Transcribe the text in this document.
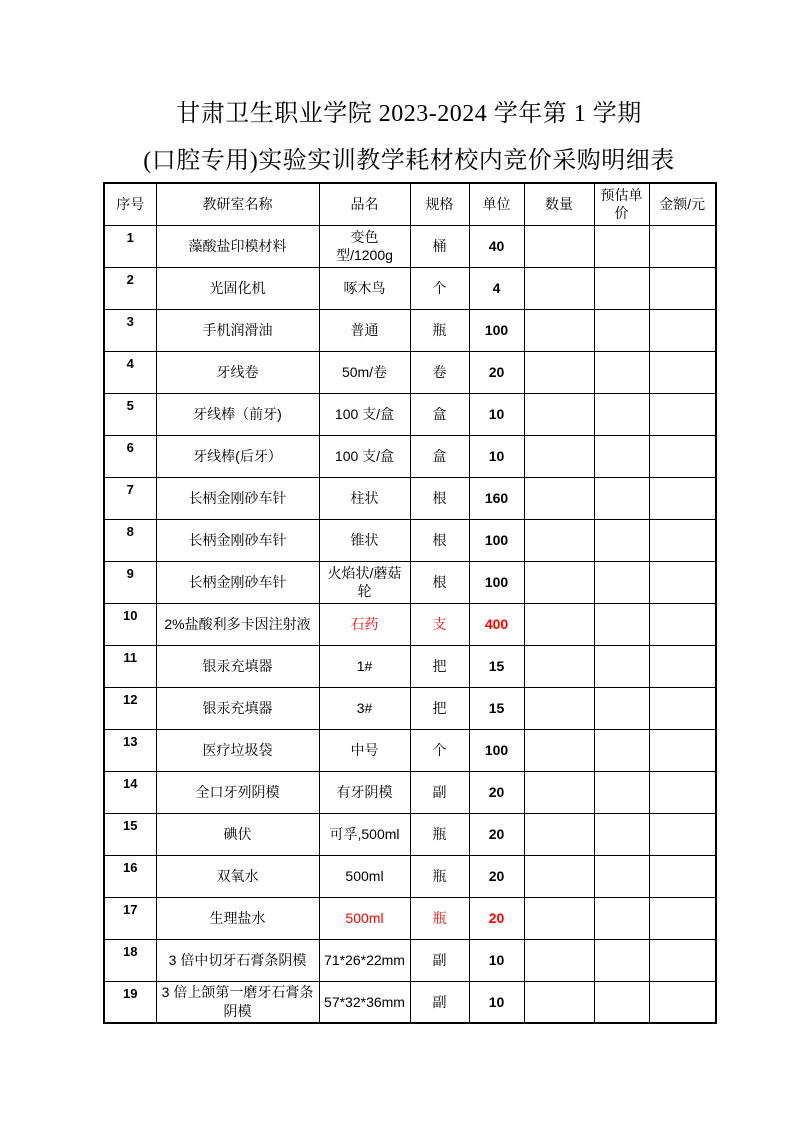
甘肃卫生职业学院 2023-2024 学年第 1 学期
(口腔专用)实验实训教学耗材校内竞价采购明细表
序号	教研室名称	品名	规格	单位	数量	预估单价	金额/元
1	藻酸盐印模材料	变色型/1200g	桶	40			
2	光固化机	啄木鸟	个	4			
3	手机润滑油	普通	瓶	100			
4	牙线卷	50m/卷	卷	20			
5	牙线棒（前牙)	100 支/盒	盒	10			
6	牙线棒(后牙）	100 支/盒	盒	10			
7	长柄金刚砂车针	柱状	根	160			
8	长柄金刚砂车针	锥状	根	100			
9	长柄金刚砂车针	火焰状/蘑菇轮	根	100			
10	2%盐酸利多卡因注射液	石药	支	400			
11	银汞充填器	1#	把	15			
12	银汞充填器	3#	把	15			
13	医疗垃圾袋	中号	个	100			
14	全口牙列阴模	有牙阴模	副	20			
15	碘伏	可孚,500ml	瓶	20			
16	双氧水	500ml	瓶	20			
17	生理盐水	500ml	瓶	20			
18	3 倍中切牙石膏条阴模	71*26*22mm	副	10			
19	3 倍上颌第一磨牙石膏条阴模	57*32*36mm	副	10			
